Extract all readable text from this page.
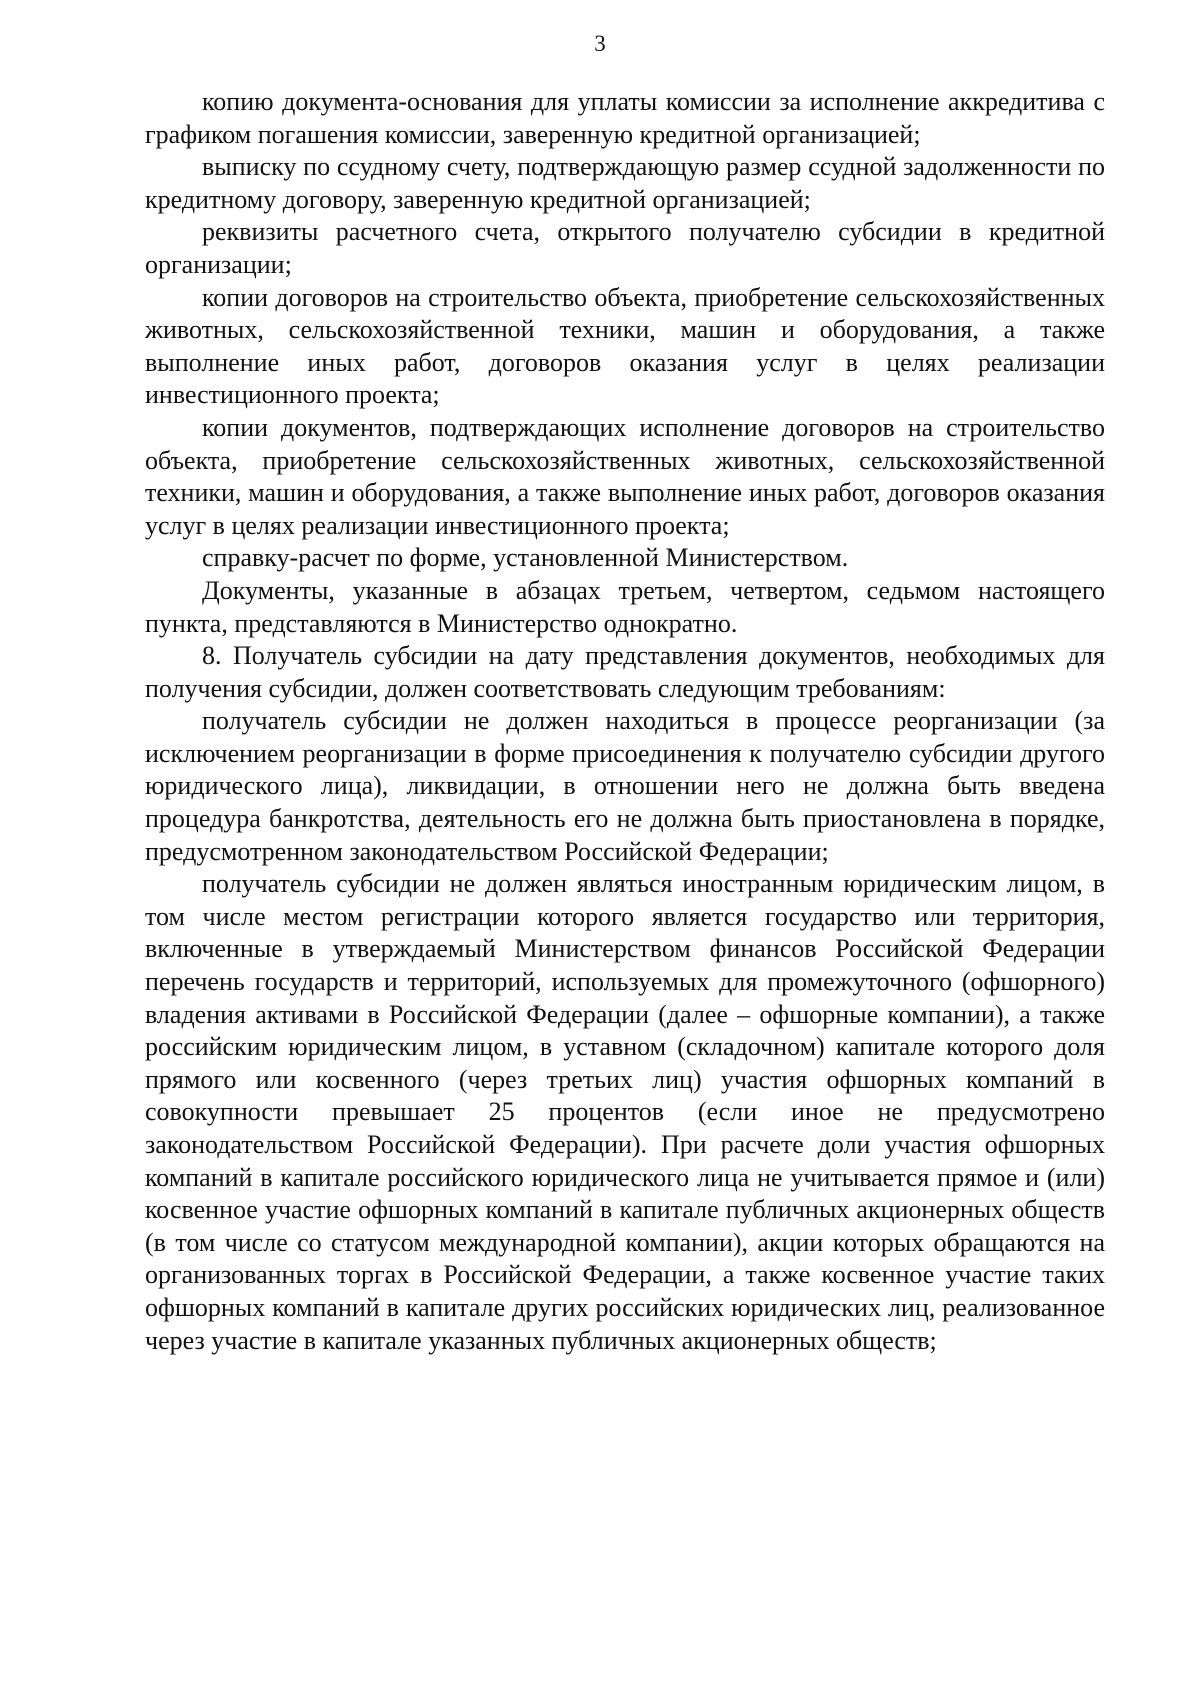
3

копию документа-основания для уплаты комиссии за исполнение аккредитива с графиком погашения комиссии, заверенную кредитной организацией;

выписку по ссудному счету, подтверждающую размер ссудной задолженности по кредитному договору, заверенную кредитной организацией;

реквизиты расчетного счета, открытого получателю субсидии в кредитной организации;

копии договоров на строительство объекта, приобретение сельскохозяйственных животных, сельскохозяйственной техники, машин и оборудования, а также выполнение иных работ, договоров оказания услуг в целях реализации инвестиционного проекта;

копии документов, подтверждающих исполнение договоров на строительство объекта, приобретение сельскохозяйственных животных, сельскохозяйственной техники, машин и оборудования, а также выполнение иных работ, договоров оказания услуг в целях реализации инвестиционного проекта;

справку-расчет по форме, установленной Министерством.

Документы, указанные в абзацах третьем, четвертом, седьмом настоящего пункта, представляются в Министерство однократно.

8. Получатель субсидии на дату представления документов, необходимых для получения субсидии, должен соответствовать следующим требованиям:

получатель субсидии не должен находиться в процессе реорганизации (за исключением реорганизации в форме присоединения к получателю субсидии другого юридического лица), ликвидации, в отношении него не должна быть введена процедура банкротства, деятельность его не должна быть приостановлена в порядке, предусмотренном законодательством Российской Федерации;

получатель субсидии не должен являться иностранным юридическим лицом, в том числе местом регистрации которого является государство или территория, включенные в утверждаемый Министерством финансов Российской Федерации перечень государств и территорий, используемых для промежуточного (офшорного) владения активами в Российской Федерации (далее – офшорные компании), а также российским юридическим лицом, в уставном (складочном) капитале которого доля прямого или косвенного (через третьих лиц) участия офшорных компаний в совокупности превышает 25 процентов (если иное не предусмотрено законодательством Российской Федерации). При расчете доли участия офшорных компаний в капитале российского юридического лица не учитывается прямое и (или) косвенное участие офшорных компаний в капитале публичных акционерных обществ (в том числе со статусом международной компании), акции которых обращаются на организованных торгах в Российской Федерации, а также косвенное участие таких офшорных компаний в капитале других российских юридических лиц, реализованное через участие в капитале указанных публичных акционерных обществ;
